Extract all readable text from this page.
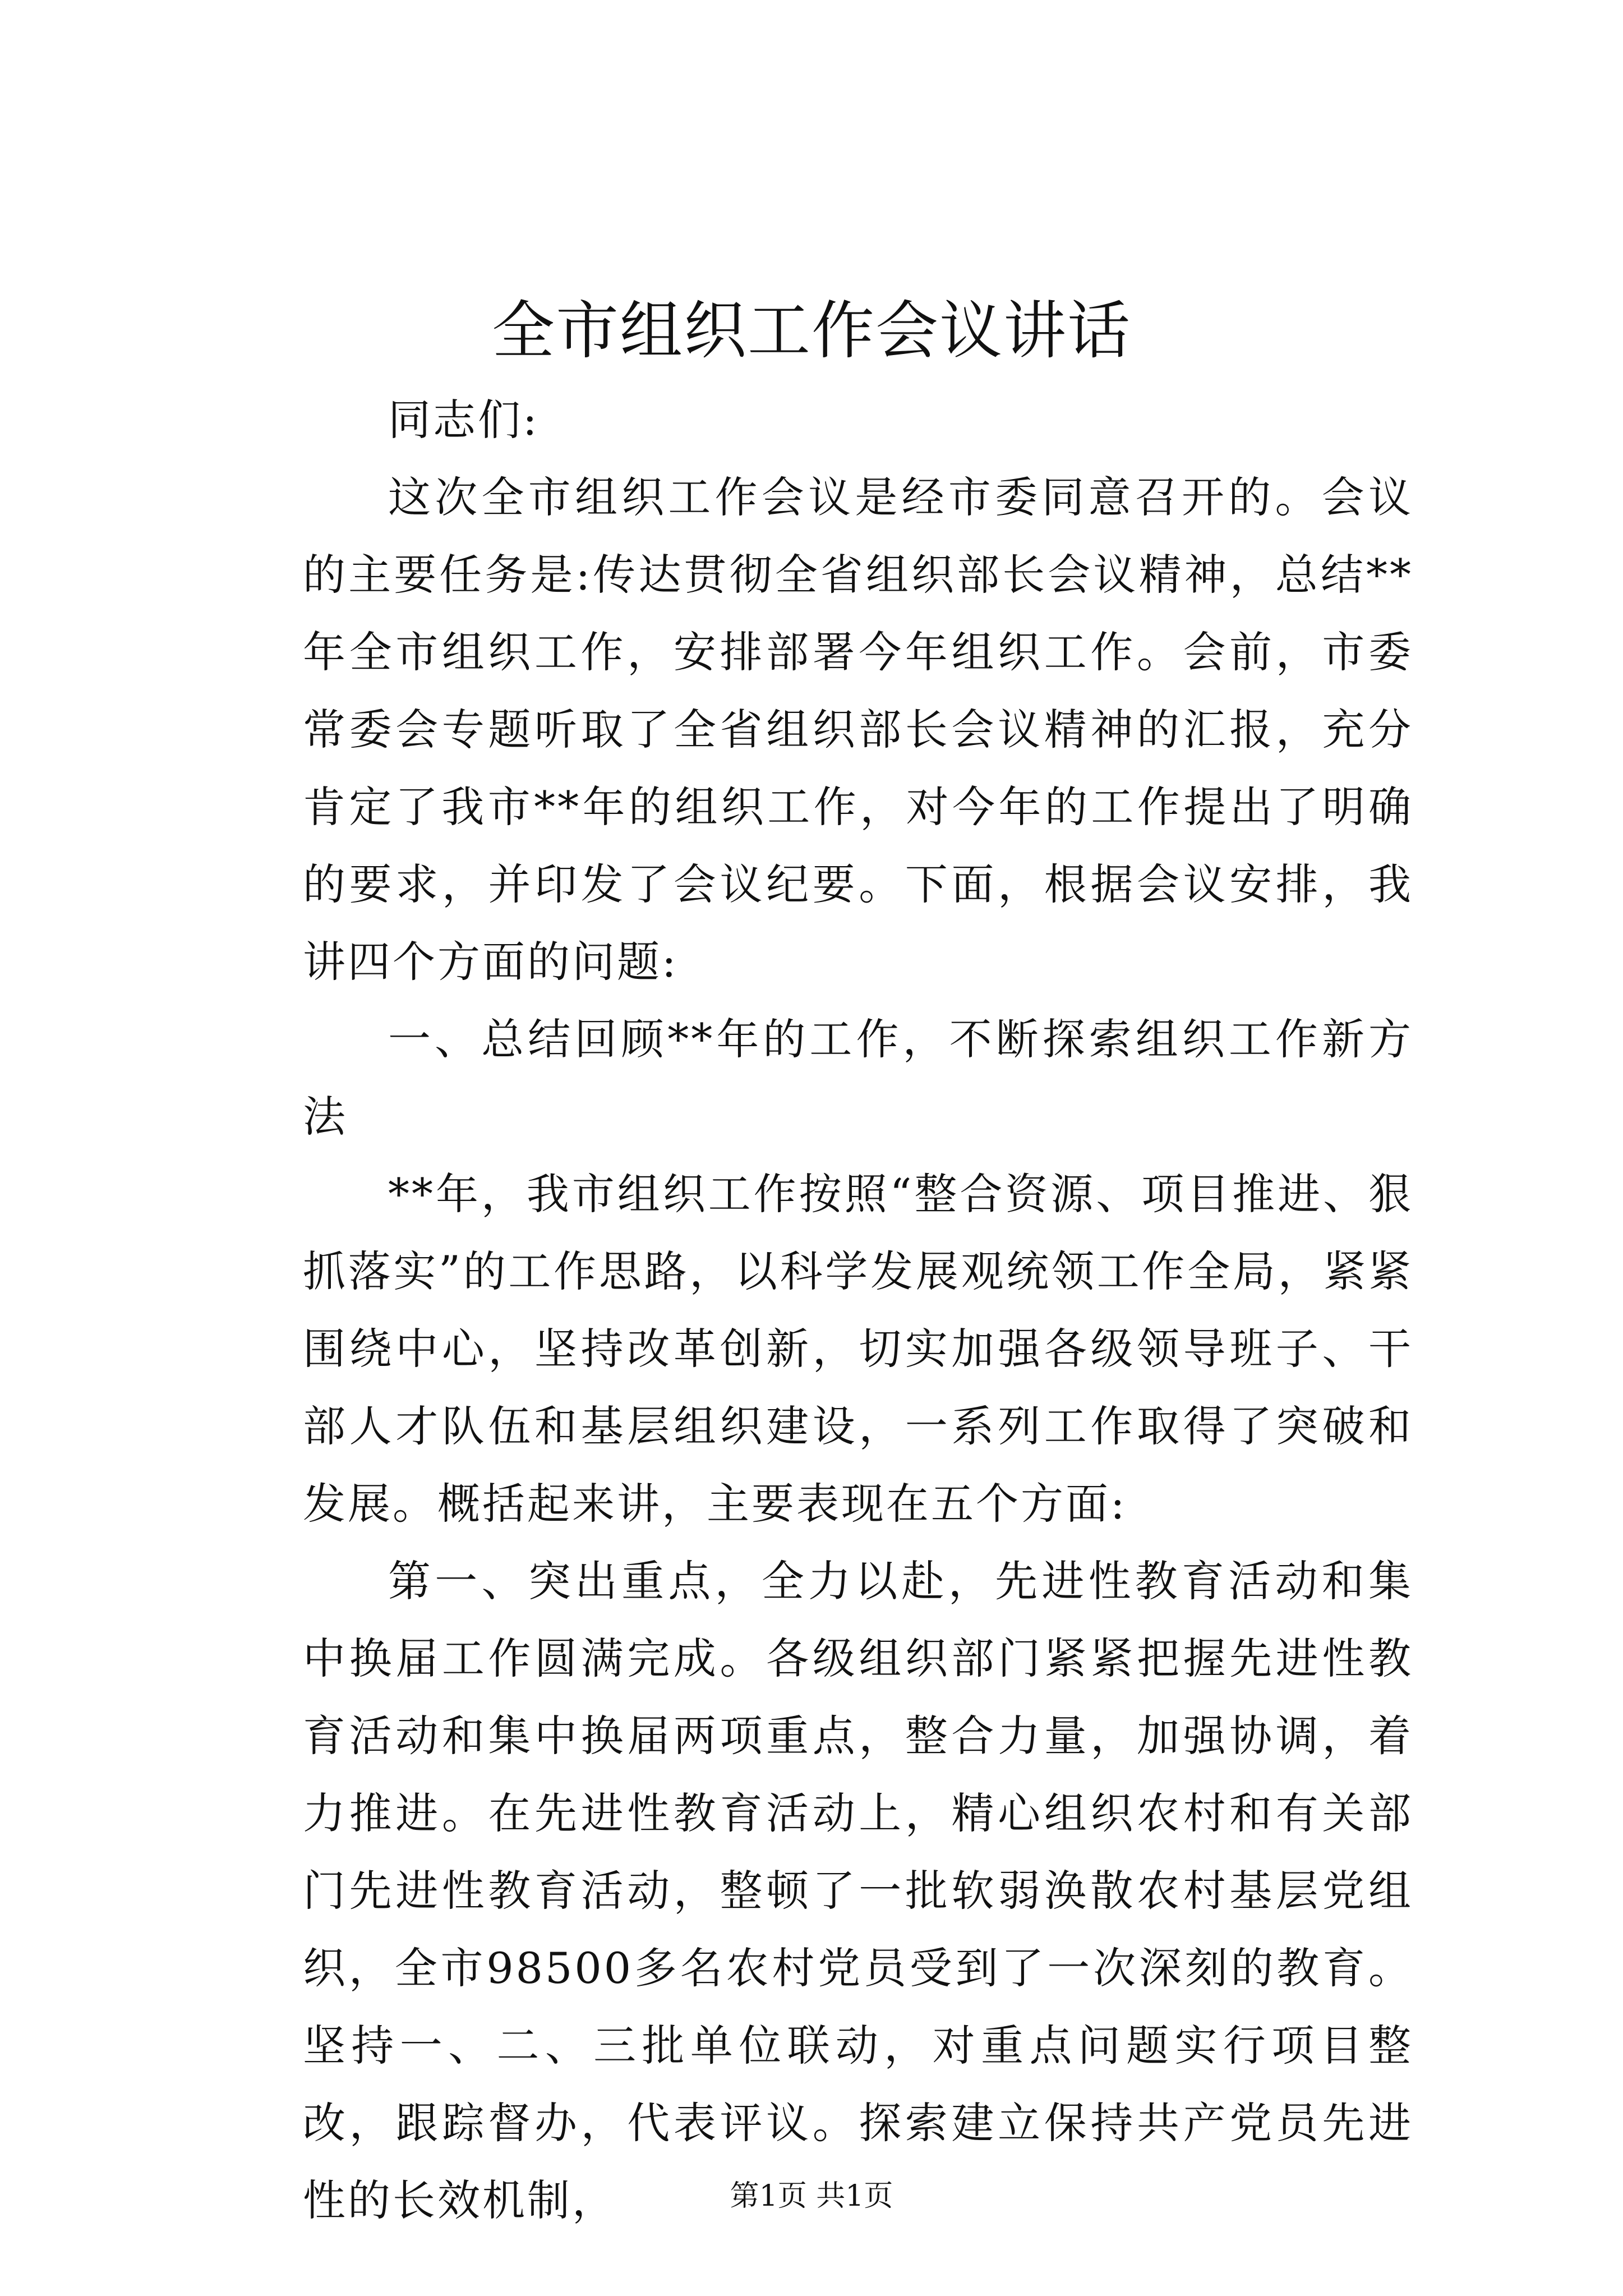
全市组织工作会议讲话

同志们:

这次全市组织工作会议是经市委同意召开的。会议的主要任务是:传达贯彻全省组织部长会议精神，总结**年全市组织工作，安排部署今年组织工作。会前，市委常委会专题听取了全省组织部长会议精神的汇报，充分肯定了我市**年的组织工作，对今年的工作提出了明确的要求，并印发了会议纪要。下面，根据会议安排，我讲四个方面的问题:

一、总结回顾**年的工作，不断探索组织工作新方法

**年，我市组织工作按照“整合资源、项目推进、狠抓落实”的工作思路，以科学发展观统领工作全局，紧紧围绕中心，坚持改革创新，切实加强各级领导班子、干部人才队伍和基层组织建设，一系列工作取得了突破和发展。概括起来讲，主要表现在五个方面:

第一、突出重点，全力以赴，先进性教育活动和集中换届工作圆满完成。各级组织部门紧紧把握先进性教育活动和集中换届两项重点，整合力量，加强协调，着力推进。在先进性教育活动上，精心组织农村和有关部门先进性教育活动，整顿了一批软弱涣散农村基层党组织，全市98500多名农村党员受到了一次深刻的教育。坚持一、二、三批单位联动，对重点问题实行项目整改，跟踪督办，代表评议。探索建立保持共产党员先进性的长效机制，	第1页 共1页
